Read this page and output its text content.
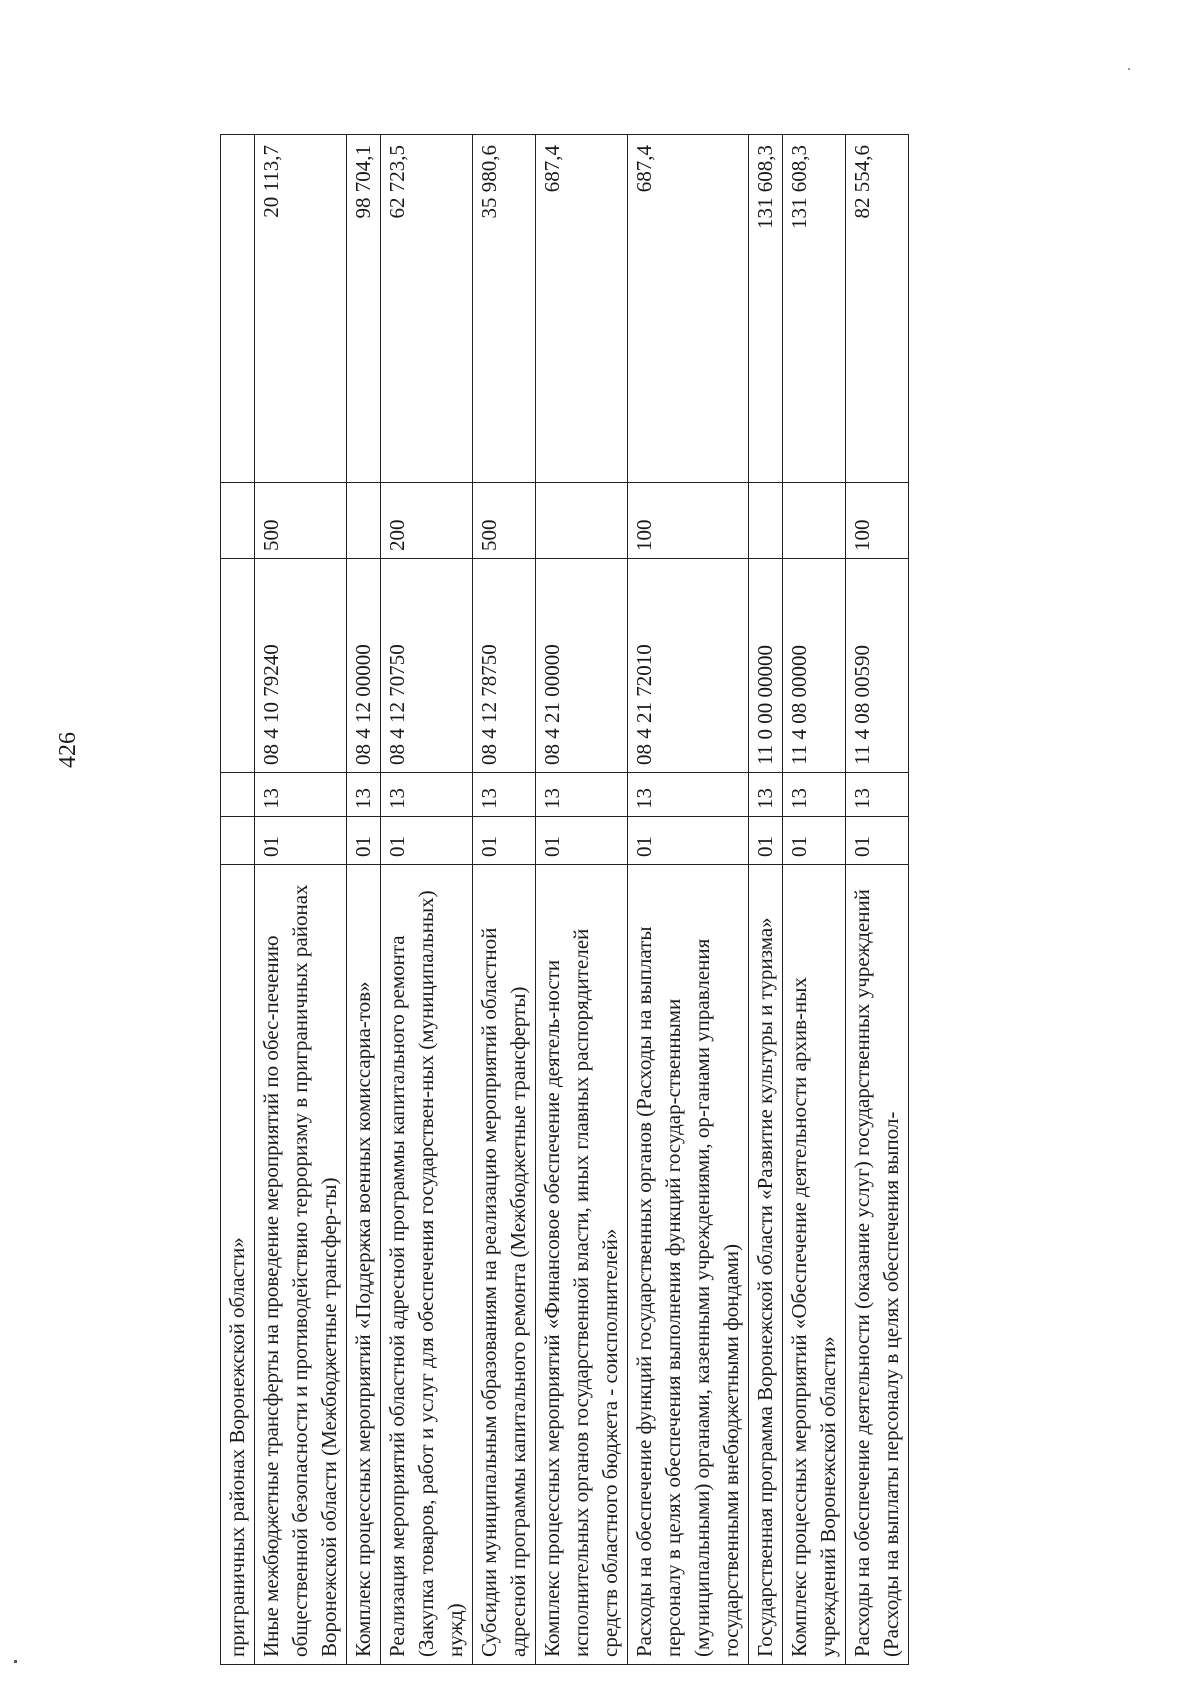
426
приграничных районах Воронежской области»					
Иные межбюджетные трансферты на проведение мероприятий по обес-печению общественной безопасности и противодействию терроризму в приграничных районах Воронежской области (Межбюджетные трансфер-ты)	01	13	08 4 10 79240	500	20 113,7
Комплекс процессных мероприятий «Поддержка военных комиссариа-тов»	01	13	08 4 12 00000		98 704,1
Реализация мероприятий областной адресной программы капитального ремонта (Закупка товаров, работ и услуг для обеспечения государствен-ных (муниципальных) нужд)	01	13	08 4 12 70750	200	62 723,5
Субсидии муниципальным образованиям на реализацию мероприятий областной адресной программы капитального ремонта (Межбюджетные трансферты)	01	13	08 4 12 78750	500	35 980,6
Комплекс процессных мероприятий «Финансовое обеспечение деятель-ности исполнительных органов государственной власти, иных главных распорядителей средств областного бюджета - соисполнителей»	01	13	08 4 21 00000		687,4
Расходы на обеспечение функций государственных органов (Расходы на выплаты персоналу в целях обеспечения выполнения функций государ-ственными (муниципальными) органами, казенными учреждениями, ор-ганами управления государственными внебюджетными фондами)	01	13	08 4 21 72010	100	687,4
Государственная программа Воронежской области «Развитие культуры и туризма»	01	13	11 0 00 00000		131 608,3
Комплекс процессных мероприятий «Обеспечение деятельности архив-ных учреждений Воронежской области»	01	13	11 4 08 00000		131 608,3
Расходы на обеспечение деятельности (оказание услуг) государственных учреждений (Расходы на выплаты персоналу в целях обеспечения выпол-	01	13	11 4 08 00590	100	82 554,6
